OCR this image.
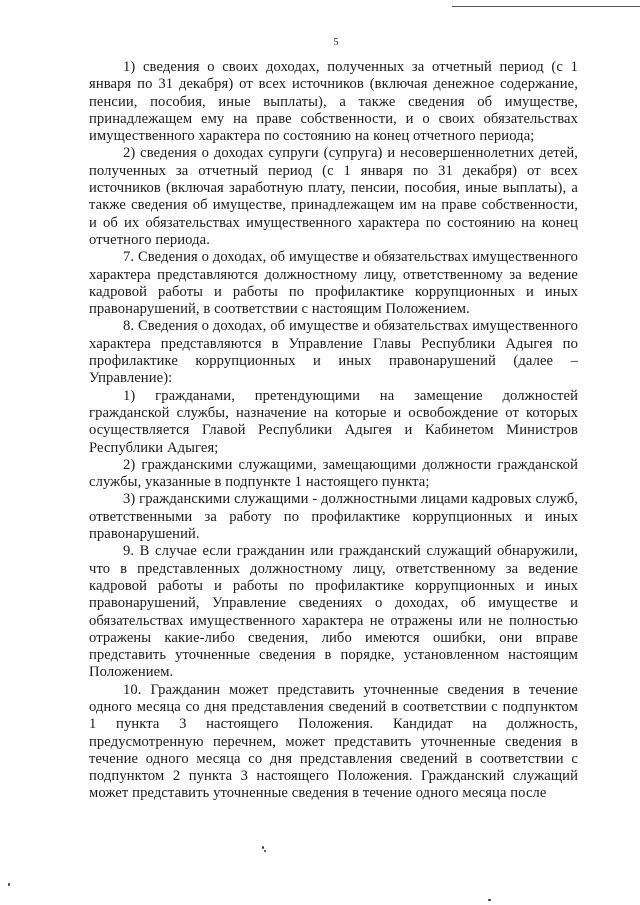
5

1) сведения о своих доходах, полученных за отчетный период (с 1 января по 31 декабря) от всех источников (включая денежное содержание, пенсии, пособия, иные выплаты), а также сведения об имуществе, принадлежащем ему на праве собственности, и о своих обязательствах имущественного характера по состоянию на конец отчетного периода;

2) сведения о доходах супруги (супруга) и несовершеннолетних детей, полученных за отчетный период (с 1 января по 31 декабря) от всех источников (включая заработную плату, пенсии, пособия, иные выплаты), а также сведения об имуществе, принадлежащем им на праве собственности, и об их обязательствах имущественного характера по состоянию на конец отчетного периода.

7. Сведения о доходах, об имуществе и обязательствах имущественного характера представляются должностному лицу, ответственному за ведение кадровой работы и работы по профилактике коррупционных и иных правонарушений, в соответствии с настоящим Положением.

8. Сведения о доходах, об имуществе и обязательствах имущественного характера представляются в Управление Главы Республики Адыгея по профилактике коррупционных и иных правонарушений (далее – Управление):

1) гражданами, претендующими на замещение должностей гражданской службы, назначение на которые и освобождение от которых осуществляется Главой Республики Адыгея и Кабинетом Министров Республики Адыгея;

2) гражданскими служащими, замещающими должности гражданской службы, указанные в подпункте 1 настоящего пункта;

3) гражданскими служащими - должностными лицами кадровых служб, ответственными за работу по профилактике коррупционных и иных правонарушений.

9. В случае если гражданин или гражданский служащий обнаружили, что в представленных должностному лицу, ответственному за ведение кадровой работы и работы по профилактике коррупционных и иных правонарушений, Управление сведениях о доходах, об имуществе и обязательствах имущественного характера не отражены или не полностью отражены какие-либо сведения, либо имеются ошибки, они вправе представить уточненные сведения в порядке, установленном настоящим Положением.

10. Гражданин может представить уточненные сведения в течение одного месяца со дня представления сведений в соответствии с подпунктом 1 пункта 3 настоящего Положения. Кандидат на должность, предусмотренную перечнем, может представить уточненные сведения в течение одного месяца со дня представления сведений в соответствии с подпунктом 2 пункта 3 настоящего Положения. Гражданский служащий может представить уточненные сведения в течение одного месяца после
